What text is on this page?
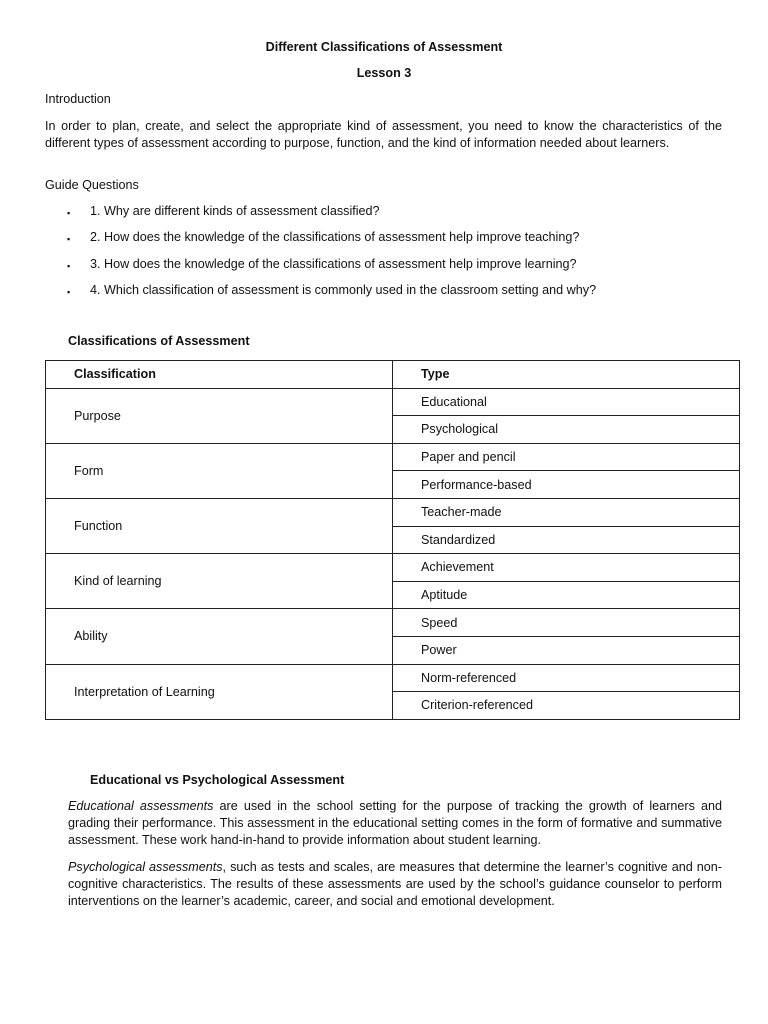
Different Classifications of Assessment
Lesson 3
Introduction
In order to plan, create, and select the appropriate kind of assessment, you need to know the characteristics of the different types of assessment according to purpose, function, and the kind of information needed about learners.
Guide Questions
▪ 1. Why are different kinds of assessment classified?
▪ 2. How does the knowledge of the classifications of assessment help improve teaching?
▪ 3. How does the knowledge of the classifications of assessment help improve learning?
▪ 4. Which classification of assessment is commonly used in the classroom setting and why?
Classifications of Assessment
Classification	Type
Purpose	Educational
	Psychological
Form	Paper and pencil
	Performance-based
Function	Teacher-made
	Standardized
Kind of learning	Achievement
	Aptitude
Ability	Speed
	Power
Interpretation of Learning	Norm-referenced
	Criterion-referenced
Educational vs Psychological Assessment
Educational assessments are used in the school setting for the purpose of tracking the growth of learners and grading their performance. This assessment in the educational setting comes in the form of formative and summative assessment. These work hand-in-hand to provide information about student learning.
Psychological assessments, such as tests and scales, are measures that determine the learner’s cognitive and non-cognitive characteristics. The results of these assessments are used by the school’s guidance counselor to perform interventions on the learner’s academic, career, and social and emotional development.
